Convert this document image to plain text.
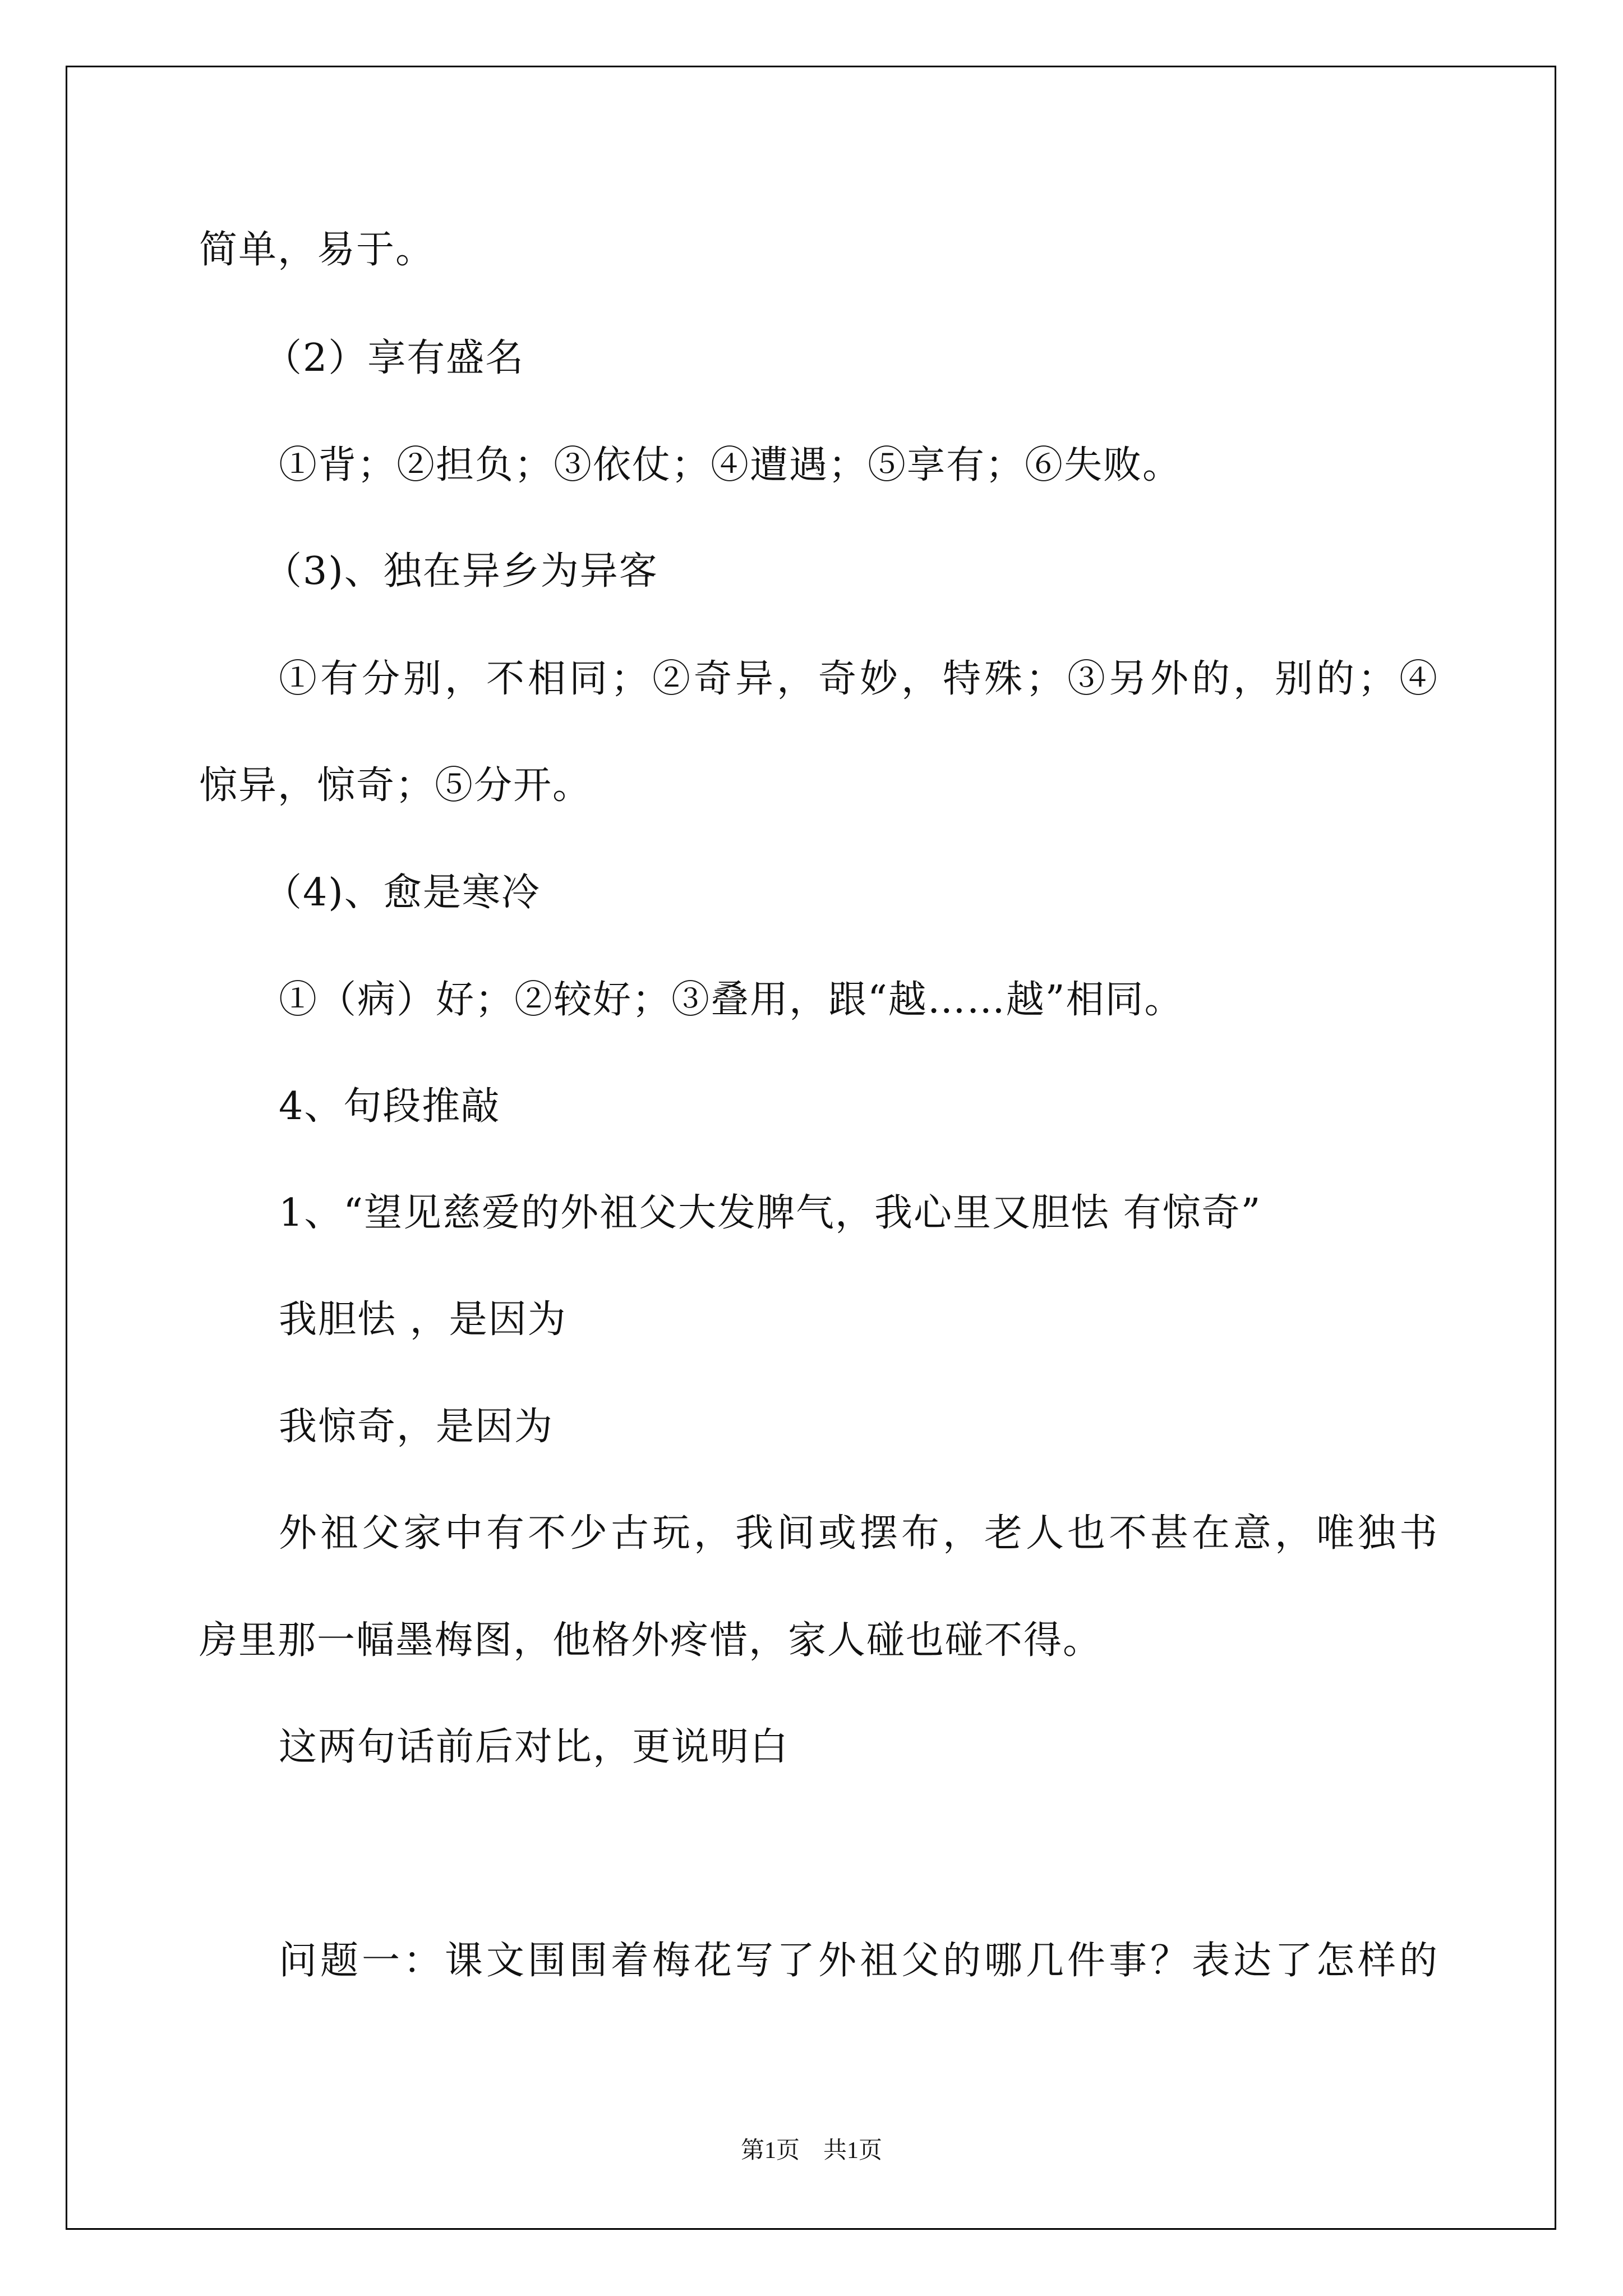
简单，易于。
（2）享有盛名
①背；②担负；③依仗；④遭遇；⑤享有；⑥失败。
（3)、独在异乡为异客
①有分别，不相同；②奇异，奇妙，特殊；③另外的，别的；④
惊异，惊奇；⑤分开。
（4)、愈是寒冷
①（病）好；②较好；③叠用，跟“越……越”相同。
4、句段推敲
1、“望见慈爱的外祖父大发脾气，我心里又胆怯 有惊奇”
我胆怯 ，是因为
我惊奇，是因为
外祖父家中有不少古玩，我间或摆布，老人也不甚在意，唯独书
房里那一幅墨梅图，他格外疼惜，家人碰也碰不得。
这两句话前后对比，更说明白
问题一：课文围围着梅花写了外祖父的哪几件事？表达了怎样的
第1页　共1页
